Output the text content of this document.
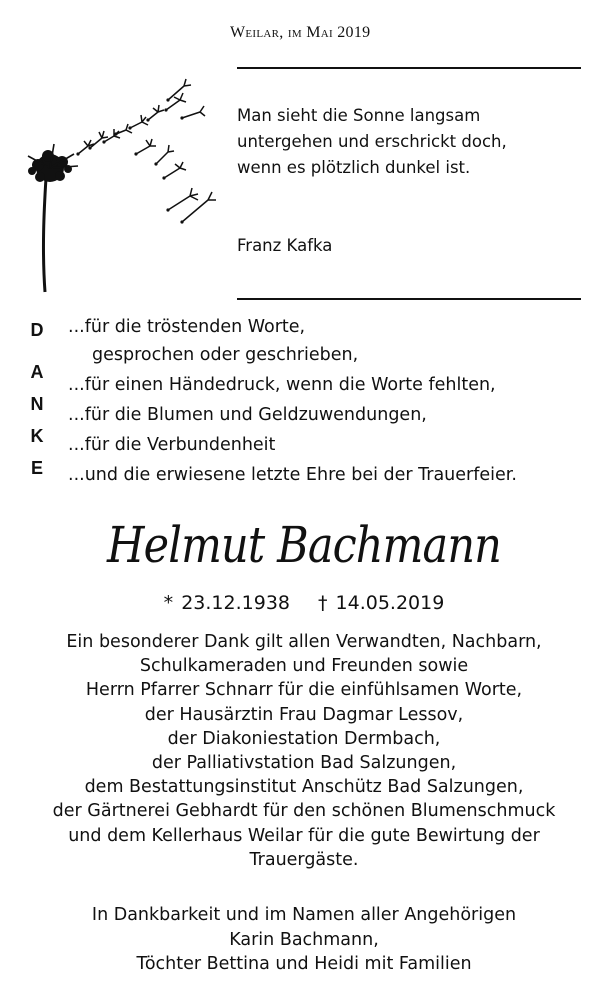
Weilar, im Mai 2019
Man sieht die Sonne langsam
untergehen und erschrickt doch,
wenn es plötzlich dunkel ist.
Franz Kafka
D
A
N
K
E
...für die tröstenden Worte,
gesprochen oder geschrieben,
...für einen Händedruck, wenn die Worte fehlten,
...für die Blumen und Geldzuwendungen,
...für die Verbundenheit
...und die erwiesene letzte Ehre bei der Trauerfeier.
Helmut Bachmann
* 23.12.1938 † 14.05.2019
Ein besonderer Dank gilt allen Verwandten, Nachbarn,
Schulkameraden und Freunden sowie
Herrn Pfarrer Schnarr für die einfühlsamen Worte,
der Hausärztin Frau Dagmar Lessov,
der Diakoniestation Dermbach,
der Palliativstation Bad Salzungen,
dem Bestattungsinstitut Anschütz Bad Salzungen,
der Gärtnerei Gebhardt für den schönen Blumenschmuck
und dem Kellerhaus Weilar für die gute Bewirtung der
Trauergäste.
In Dankbarkeit und im Namen aller Angehörigen
Karin Bachmann,
Töchter Bettina und Heidi mit Familien
